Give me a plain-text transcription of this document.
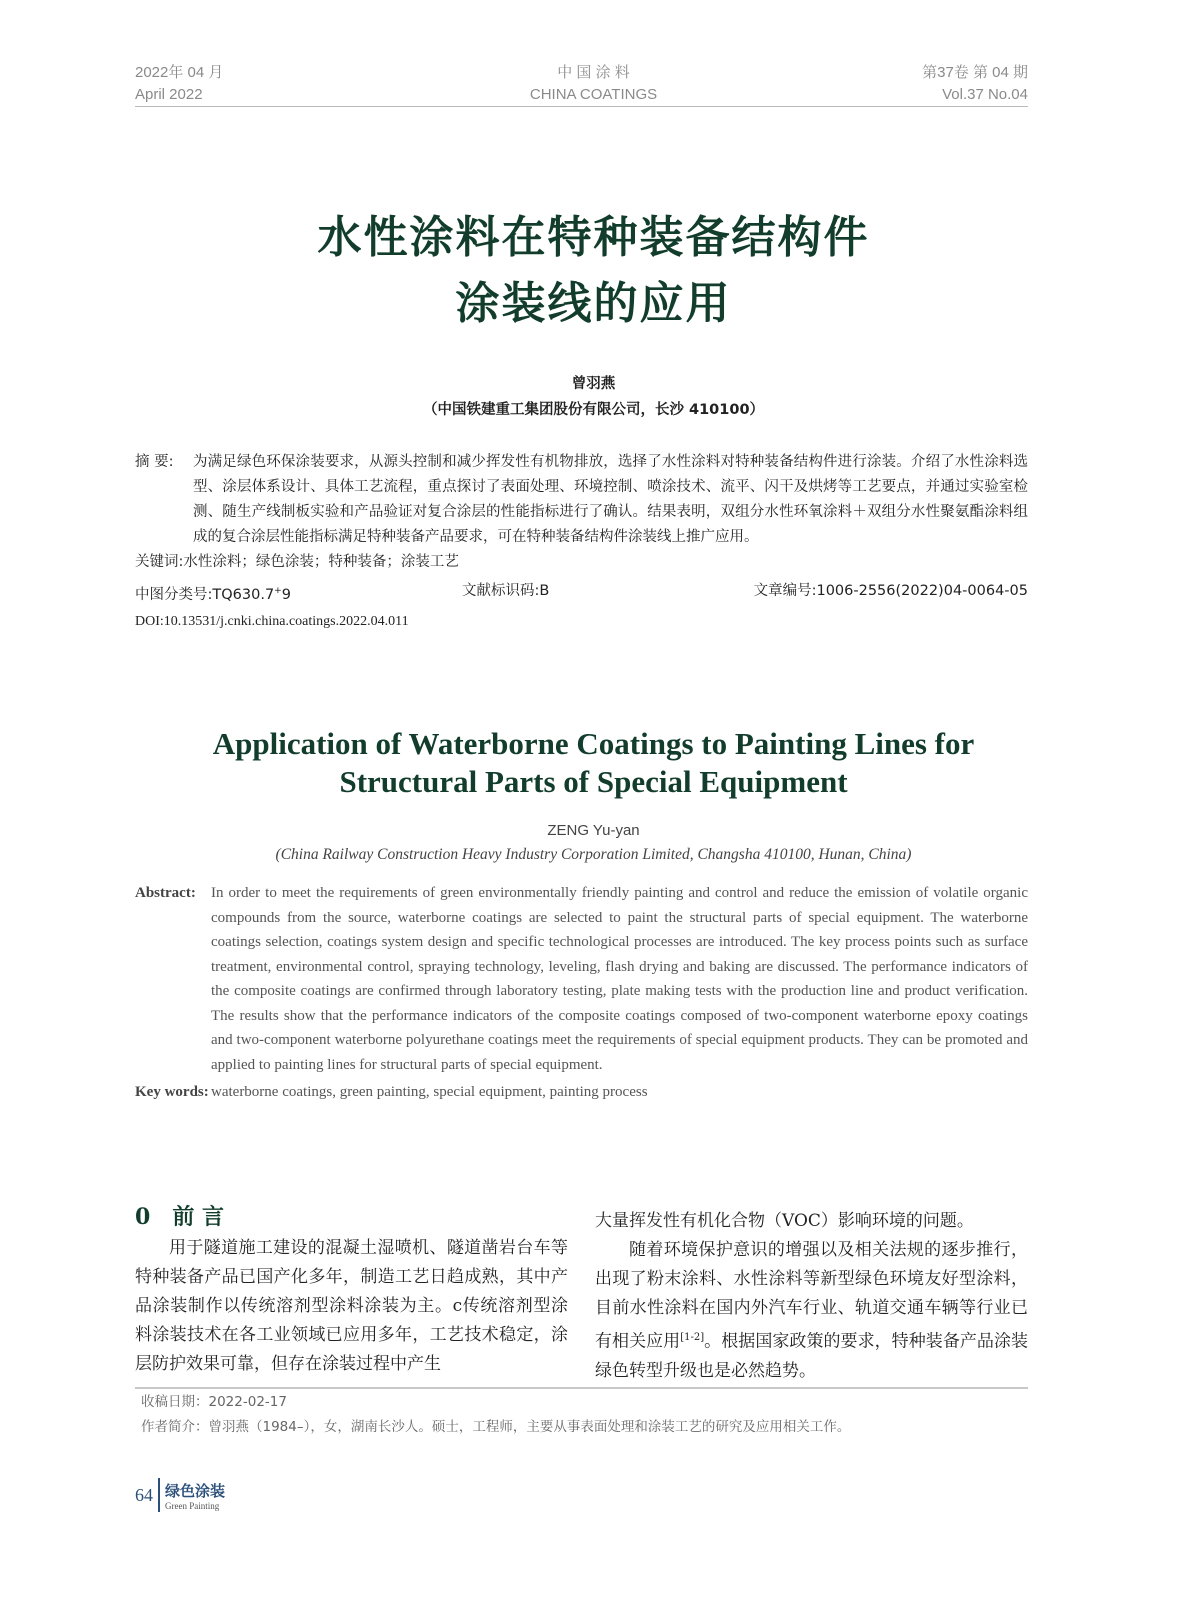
2022年 04 月
April 2022
中 国 涂 料
CHINA COATINGS
第37卷 第 04 期
Vol.37 No.04
水性涂料在特种装备结构件
涂装线的应用
曾羽燕
（中国铁建重工集团股份有限公司，长沙 410100）
摘 要:	为满足绿色环保涂装要求，从源头控制和减少挥发性有机物排放，选择了水性涂料对特种装备结构件进行涂装。介绍了水性涂料选型、涂层体系设计、具体工艺流程，重点探讨了表面处理、环境控制、喷涂技术、流平、闪干及烘烤等工艺要点，并通过实验室检测、随生产线制板实验和产品验证对复合涂层的性能指标进行了确认。结果表明，双组分水性环氧涂料＋双组分水性聚氨酯涂料组成的复合涂层性能指标满足特种装备产品要求，可在特种装备结构件涂装线上推广应用。
关键词:水性涂料；绿色涂装；特种装备；涂装工艺
中图分类号:TQ630.7+9	文献标识码:B	文章编号:1006-2556(2022)04-0064-05
DOI:10.13531/j.cnki.china.coatings.2022.04.011
Application of Waterborne Coatings to Painting Lines for
Structural Parts of Special Equipment
ZENG Yu-yan
(China Railway Construction Heavy Industry Corporation Limited, Changsha 410100, Hunan, China)
Abstract:	In order to meet the requirements of green environmentally friendly painting and control and reduce the emission of volatile organic compounds from the source, waterborne coatings are selected to paint the structural parts of special equipment. The waterborne coatings selection, coatings system design and specific technological processes are introduced. The key process points such as surface treatment, environmental control, spraying technology, leveling, flash drying and baking are discussed. The performance indicators of the composite coatings are confirmed through laboratory testing, plate making tests with the production line and product verification. The results show that the performance indicators of the composite coatings composed of two-component waterborne epoxy coatings and two-component waterborne polyurethane coatings meet the requirements of special equipment products. They can be promoted and applied to painting lines for structural parts of special equipment.
Key words: waterborne coatings, green painting, special equipment, painting process
0 前 言
用于隧道施工建设的混凝土湿喷机、隧道凿岩台车等特种装备产品已国产化多年，制造工艺日趋成熟，其中产品涂装制作以传统溶剂型涂料涂装为主。c传统溶剂型涂料涂装技术在各工业领域已应用多年，工艺技术稳定，涂层防护效果可靠，但存在涂装过程中产生
大量挥发性有机化合物（VOC）影响环境的问题。
随着环境保护意识的增强以及相关法规的逐步推行，出现了粉末涂料、水性涂料等新型绿色环境友好型涂料，目前水性涂料在国内外汽车行业、轨道交通车辆等行业已有相关应用[1-2]。根据国家政策的要求，特种装备产品涂装绿色转型升级也是必然趋势。
收稿日期：2022-02-17
作者简介：曾羽燕（1984–），女，湖南长沙人。硕士，工程师，主要从事表面处理和涂装工艺的研究及应用相关工作。
64 绿色涂装
Green Painting
